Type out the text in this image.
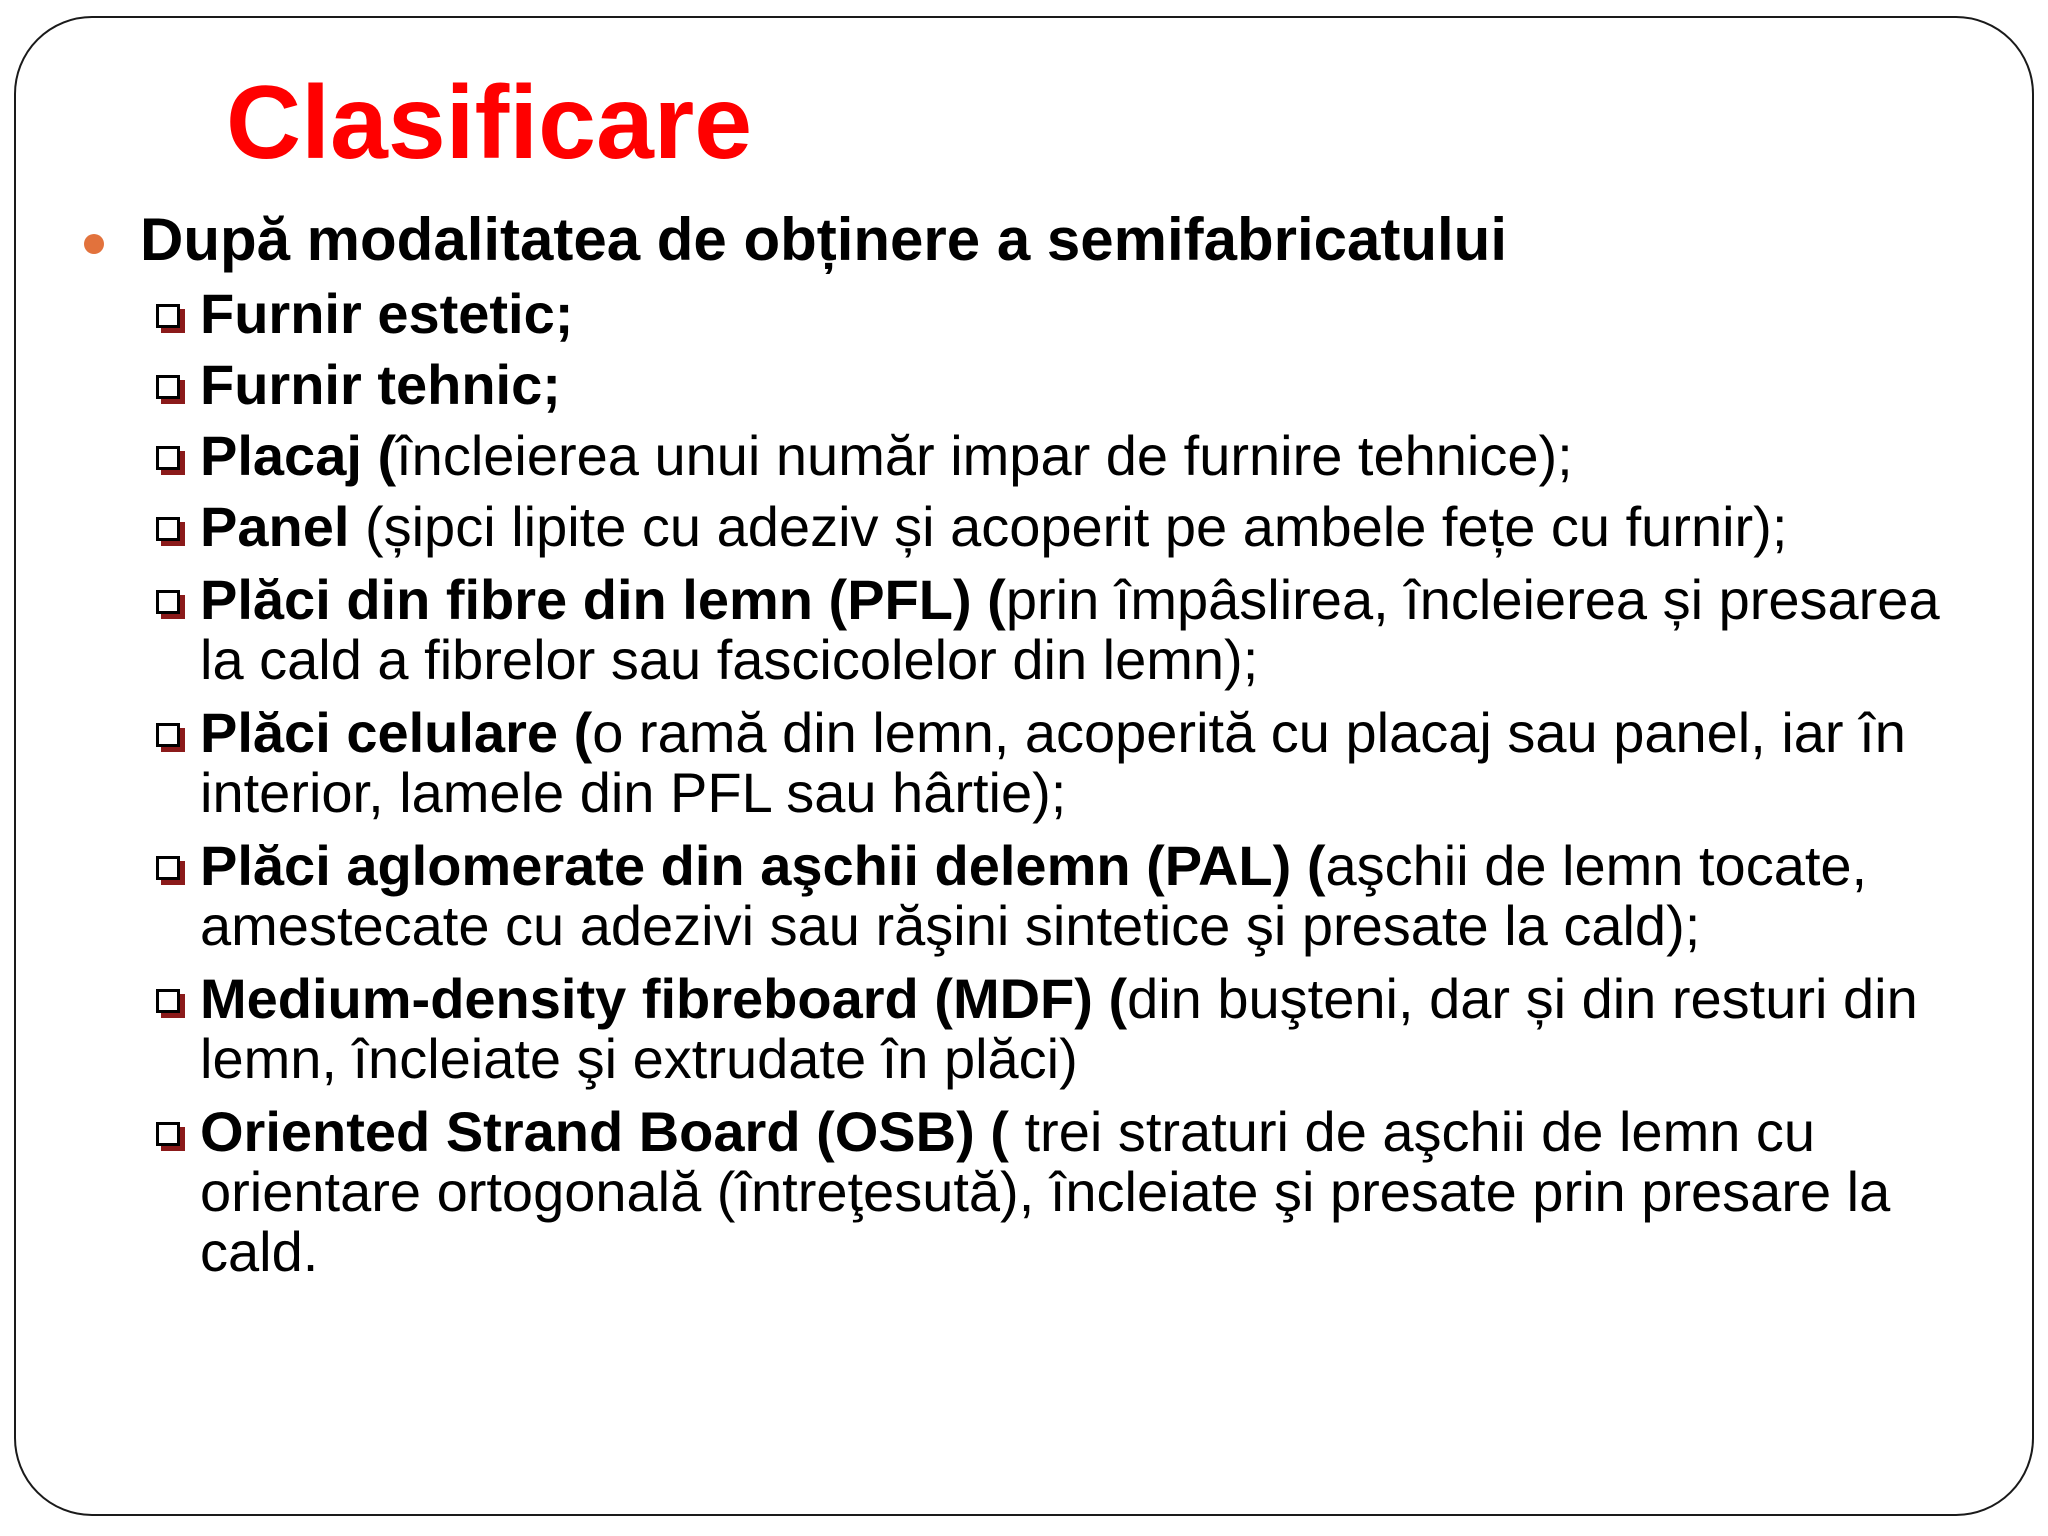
Clasificare
După modalitatea de obținere a semifabricatului
Furnir estetic;
Furnir tehnic;
Placaj (încleierea unui număr impar de furnire tehnice);
Panel (șipci lipite cu adeziv și acoperit pe ambele fețe cu furnir);
Plăci din fibre din lemn (PFL) (prin împâslirea, încleierea și presarea la cald a fibrelor sau fascicolelor din lemn);
Plăci celulare (o ramă din lemn, acoperită cu placaj sau panel, iar în interior, lamele din PFL sau hârtie);
Plăci aglomerate din aşchii delemn (PAL) (aşchii de lemn tocate, amestecate cu adezivi sau răşini sintetice şi presate la cald);
Medium-density fibreboard (MDF) (din buşteni, dar și din resturi din lemn, încleiate şi extrudate în plăci)
Oriented Strand Board (OSB) ( trei straturi de aşchii de lemn cu orientare ortogonală (întreţesută), încleiate şi presate prin presare la cald.
